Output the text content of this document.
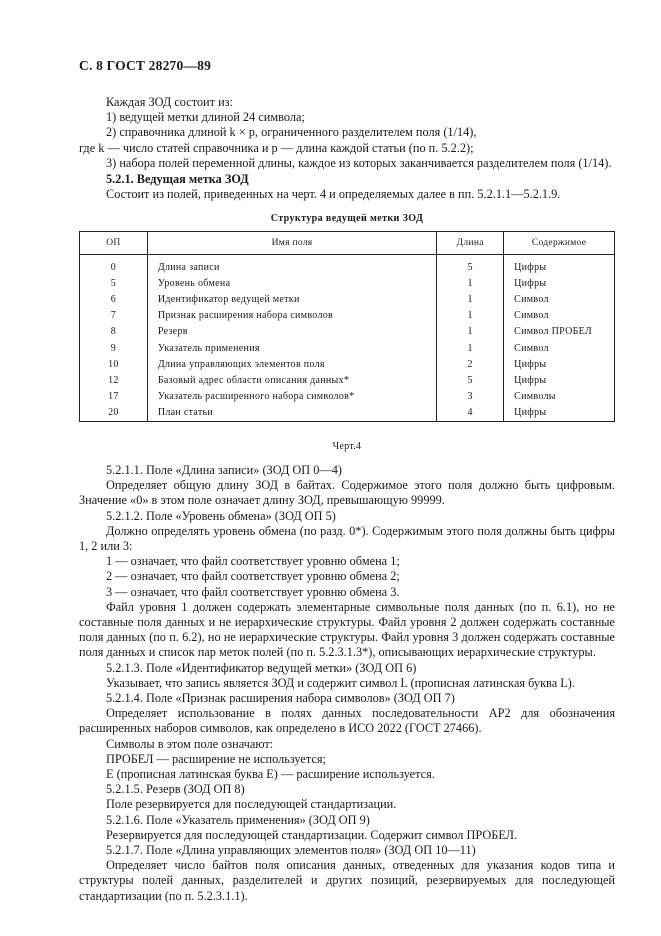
С. 8 ГОСТ 28270—89

Каждая ЗОД состоит из:

1) ведущей метки длиной 24 символа;

2) справочника длиной k × p, ограниченного разделителем поля (1/14),

где k — число статей справочника и р — длина каждой статьи (по п. 5.2.2);

3) набора полей переменной длины, каждое из которых заканчивается разделителем поля (1/14).

5.2.1. Ведущая метка ЗОД

Состоит из полей, приведенных на черт. 4 и определяемых далее в пп. 5.2.1.1—5.2.1.9.

Структура ведущей метки ЗОД
ОП	Имя поля	Длина	Содержимое
0	Длина записи	5	Цифры
5	Уровень обмена	1	Цифры
6	Идентификатор ведущей метки	1	Символ
7	Признак расширения набора символов	1	Символ
8	Резерв	1	Символ ПРОБЕЛ
9	Указатель применения	1	Символ
10	Длина управляющих элементов поля	2	Цифры
12	Базовый адрес области описания данных*	5	Цифры
17	Указатель расширенного набора символов*	3	Символы
20	План статьи	4	Цифры
Черт.4

5.2.1.1. Поле «Длина записи» (ЗОД ОП 0—4)

Определяет общую длину ЗОД в байтах. Содержимое этого поля должно быть цифровым. Значение «0» в этом поле означает длину ЗОД, превышающую 99999.

5.2.1.2. Поле «Уровень обмена» (ЗОД ОП 5)

Должно определять уровень обмена (по разд. 0*). Содержимым этого поля должны быть цифры 1, 2 или 3:

1 — означает, что файл соответствует уровню обмена 1;

2 — означает, что файл соответствует уровню обмена 2;

3 — означает, что файл соответствует уровню обмена 3.

Файл уровня 1 должен содержать элементарные символьные поля данных (по п. 6.1), но не составные поля данных и не иерархические структуры. Файл уровня 2 должен содержать составные поля данных (по п. 6.2), но не иерархические структуры. Файл уровня 3 должен содержать составные поля данных и список пар меток полей (по п. 5.2.3.1.3*), описывающих иерархические структуры.

5.2.1.3. Поле «Идентификатор ведущей метки» (ЗОД ОП 6)

Указывает, что запись является ЗОД и содержит символ L (прописная латинская буква L).

5.2.1.4. Поле «Признак расширения набора символов» (ЗОД ОП 7)

Определяет использование в полях данных последовательности АР2 для обозначения расширенных наборов символов, как определено в ИСО 2022 (ГОСТ 27466).

Символы в этом поле означают:

ПРОБЕЛ — расширение не используется;

Е (прописная латинская буква Е) — расширение используется.

5.2.1.5. Резерв (ЗОД ОП 8)

Поле резервируется для последующей стандартизации.

5.2.1.6. Поле «Указатель применения» (ЗОД ОП 9)

Резервируется для последующей стандартизации. Содержит символ ПРОБЕЛ.

5.2.1.7. Поле «Длина управляющих элементов поля» (ЗОД ОП 10—11)

Определяет число байтов поля описания данных, отведенных для указания кодов типа и структуры полей данных, разделителей и других позиций, резервируемых для последующей стандартизации (по п. 5.2.3.1.1).
